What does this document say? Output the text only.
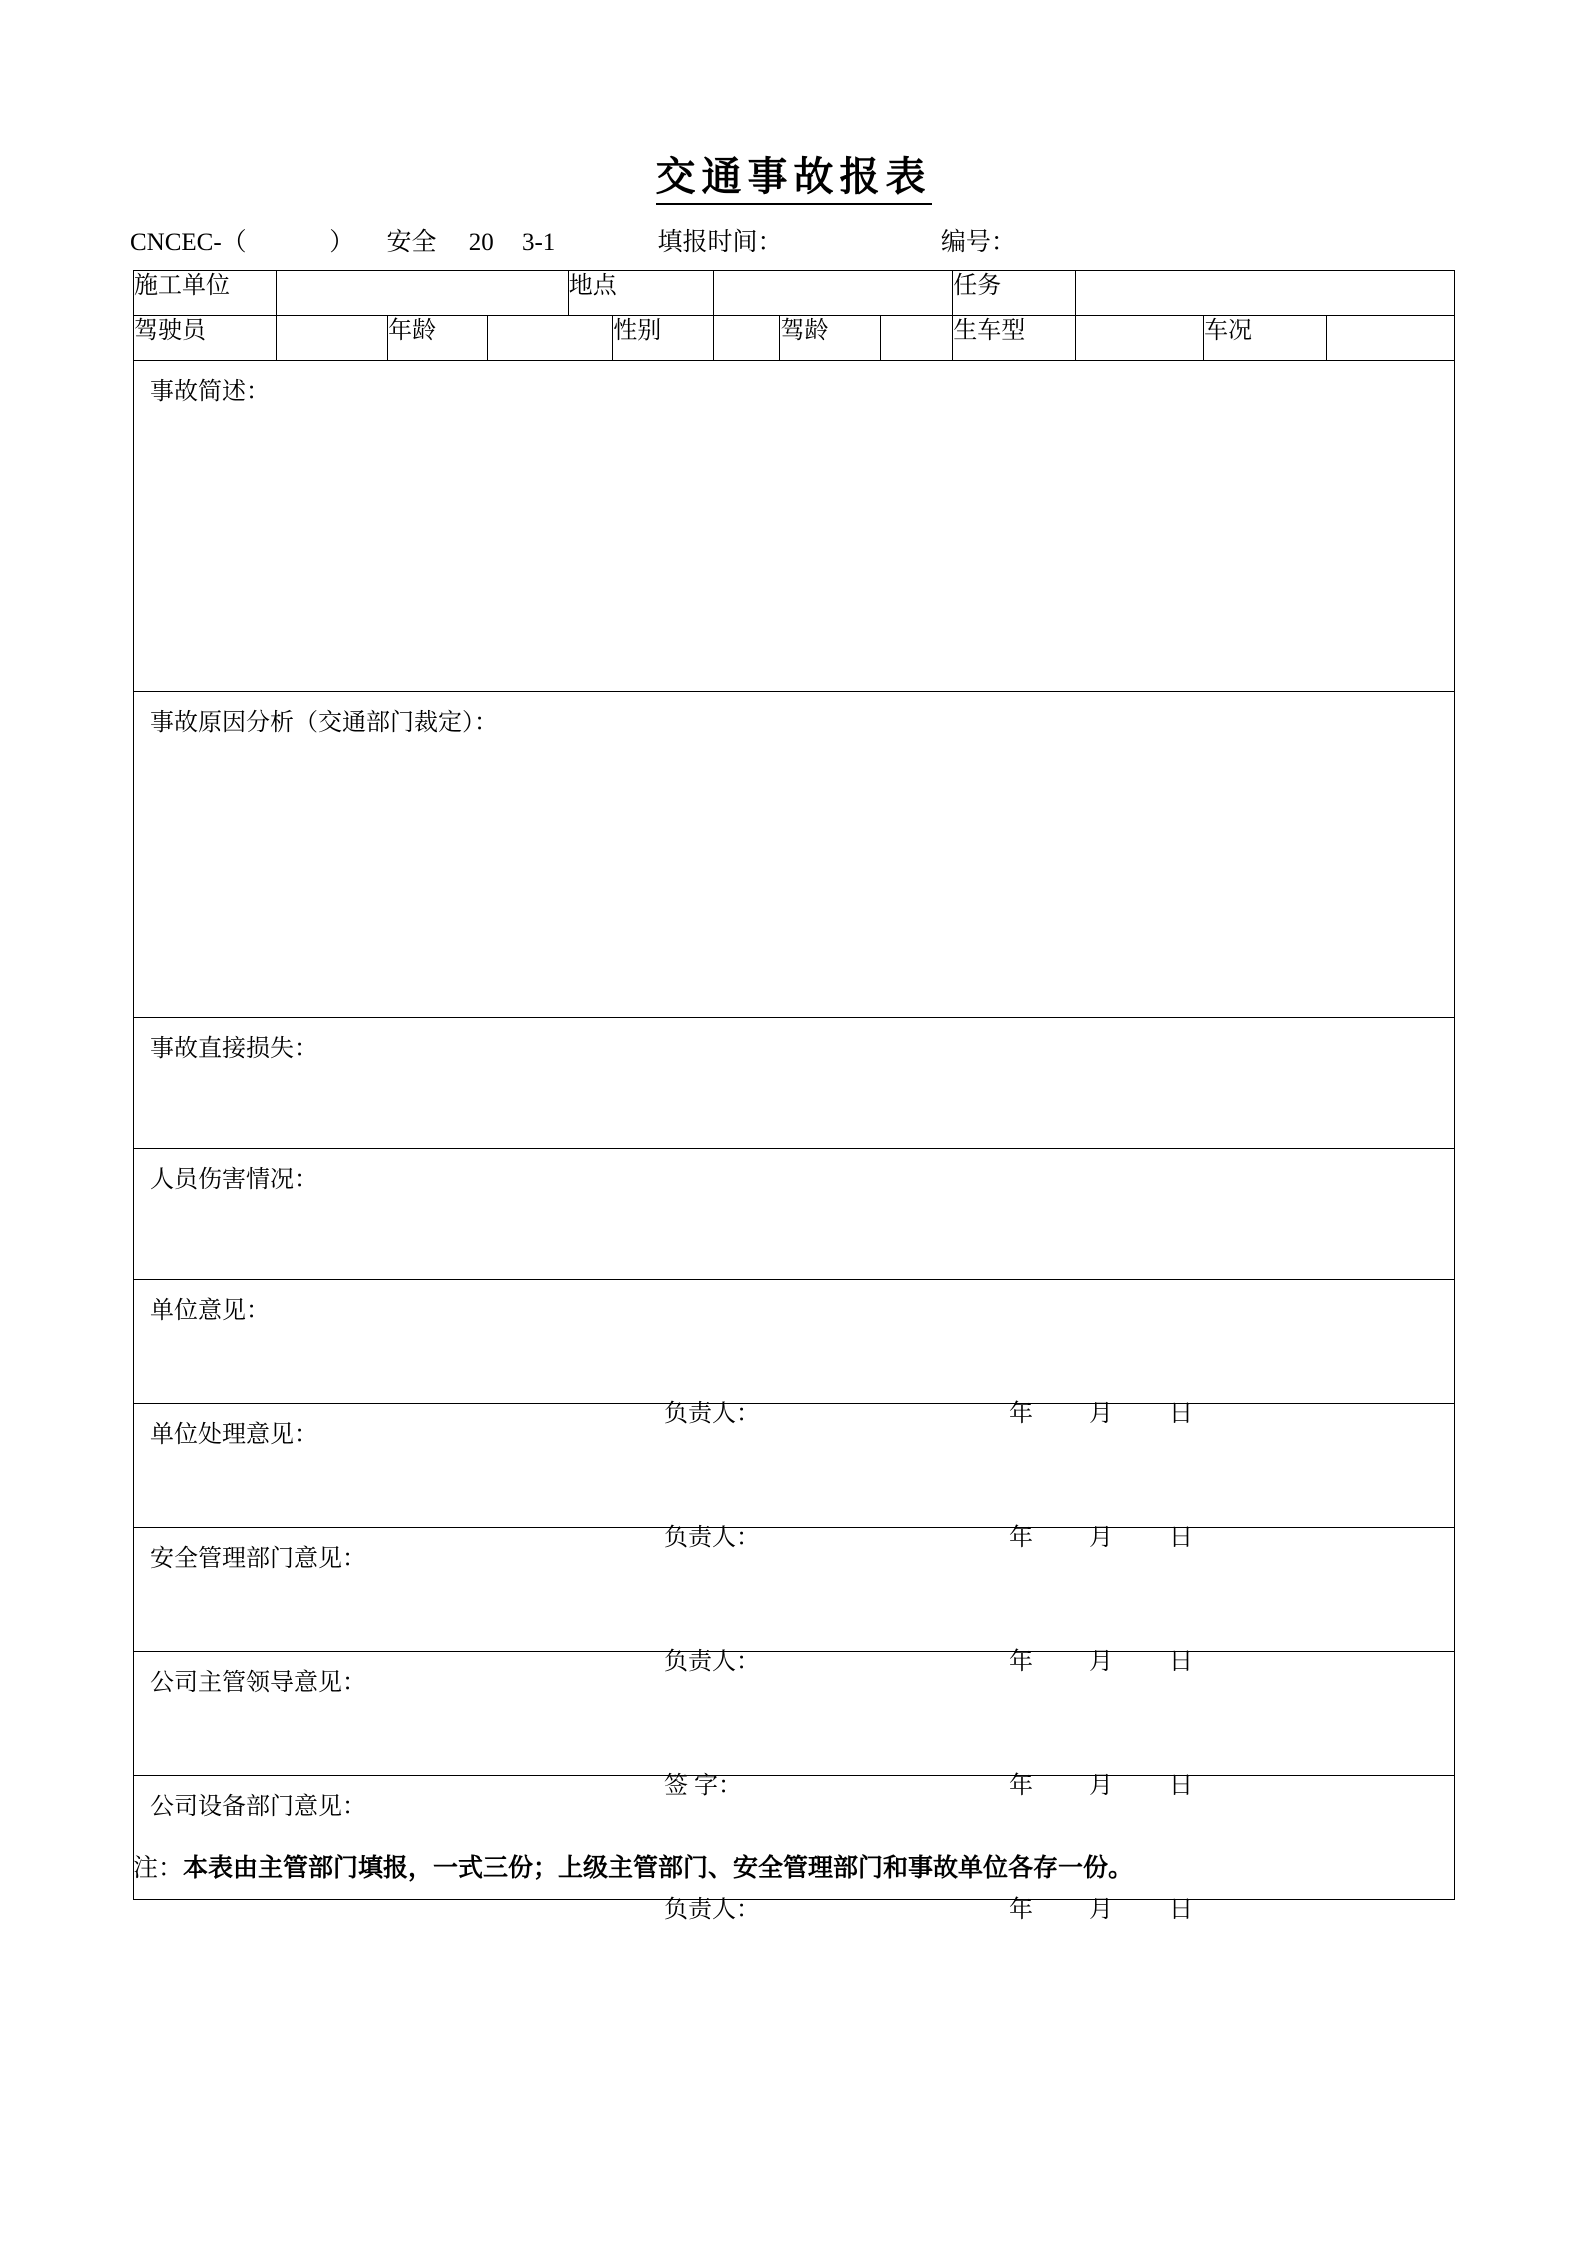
交通事故报表
CNCEC-（	） 安全 20 3-1	填报时间：	编号：
施工单位				地点					任务			

驾驶员		年龄			性别		驾龄		生车型		车况	

事故简述：												

事故原因分析（交通部门裁定）：												

事故直接损失：												

人员伤害情况：												

单位意见：
负责人： 年 月 日												

单位处理意见：
负责人： 年 月 日												

安全管理部门意见：
负责人： 年 月 日												

公司主管领导意见：
签 字： 年 月 日												

公司设备部门意见：
负责人： 年 月 日												
注：本表由主管部门填报，一式三份；上级主管部门、安全管理部门和事故单位各存一份。
